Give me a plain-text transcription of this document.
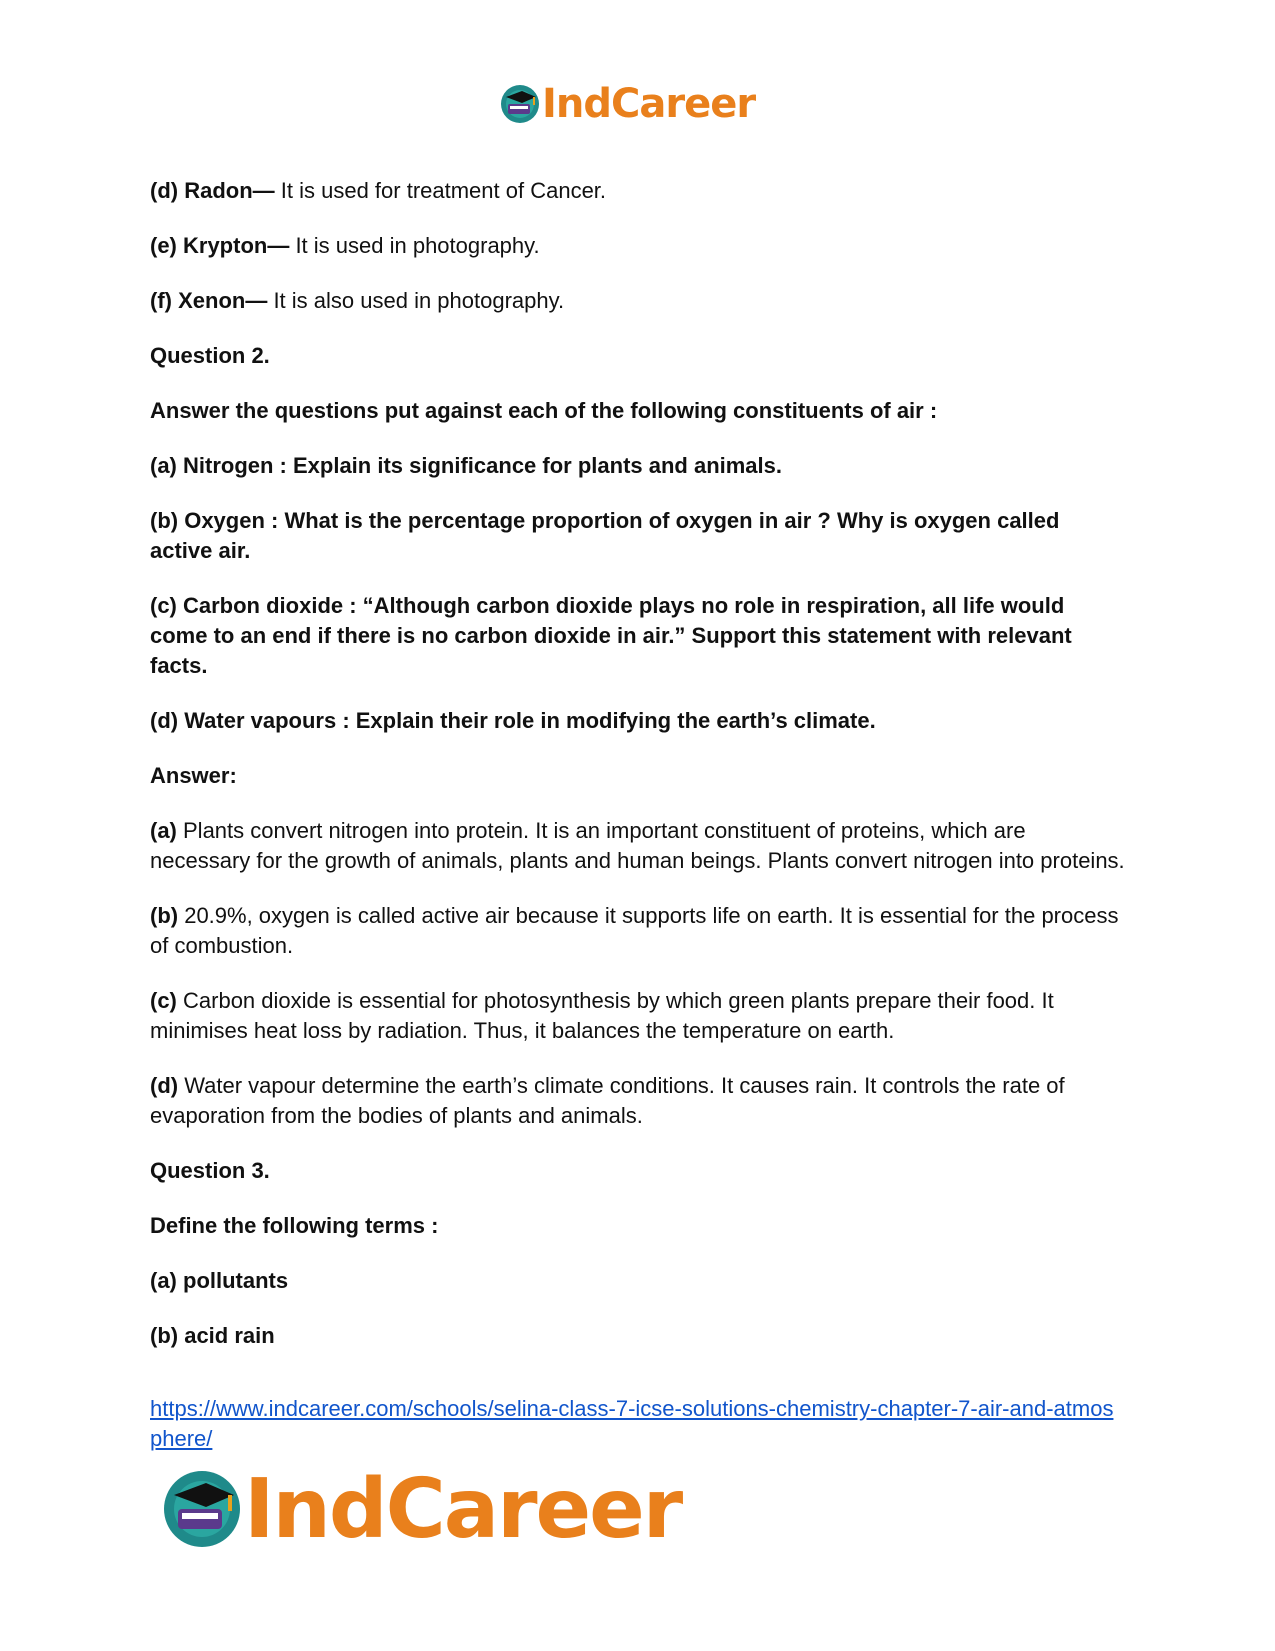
IndCareer

(d) Radon— It is used for treatment of Cancer.

(e) Krypton— It is used in photography.

(f) Xenon— It is also used in photography.

Question 2.

Answer the questions put against each of the following constituents of air :

(a) Nitrogen : Explain its significance for plants and animals.

(b) Oxygen : What is the percentage proportion of oxygen in air ? Why is oxygen called active air.

(c) Carbon dioxide : “Although carbon dioxide plays no role in respiration, all life would come to an end if there is no carbon dioxide in air.” Support this statement with relevant facts.

(d) Water vapours : Explain their role in modifying the earth’s climate.

Answer:

(a) Plants convert nitrogen into protein. It is an important constituent of proteins, which are necessary for the growth of animals, plants and human beings. Plants convert nitrogen into proteins.

(b) 20.9%, oxygen is called active air because it supports life on earth. It is essential for the process of combustion.

(c) Carbon dioxide is essential for photosynthesis by which green plants prepare their food. It minimises heat loss by radiation. Thus, it balances the temperature on earth.

(d) Water vapour determine the earth’s climate conditions. It causes rain. It controls the rate of evaporation from the bodies of plants and animals.

Question 3.

Define the following terms :

(a) pollutants

(b) acid rain

https://www.indcareer.com/schools/selina-class-7-icse-solutions-chemistry-chapter-7-air-and-atmosphere/
IndCareer
